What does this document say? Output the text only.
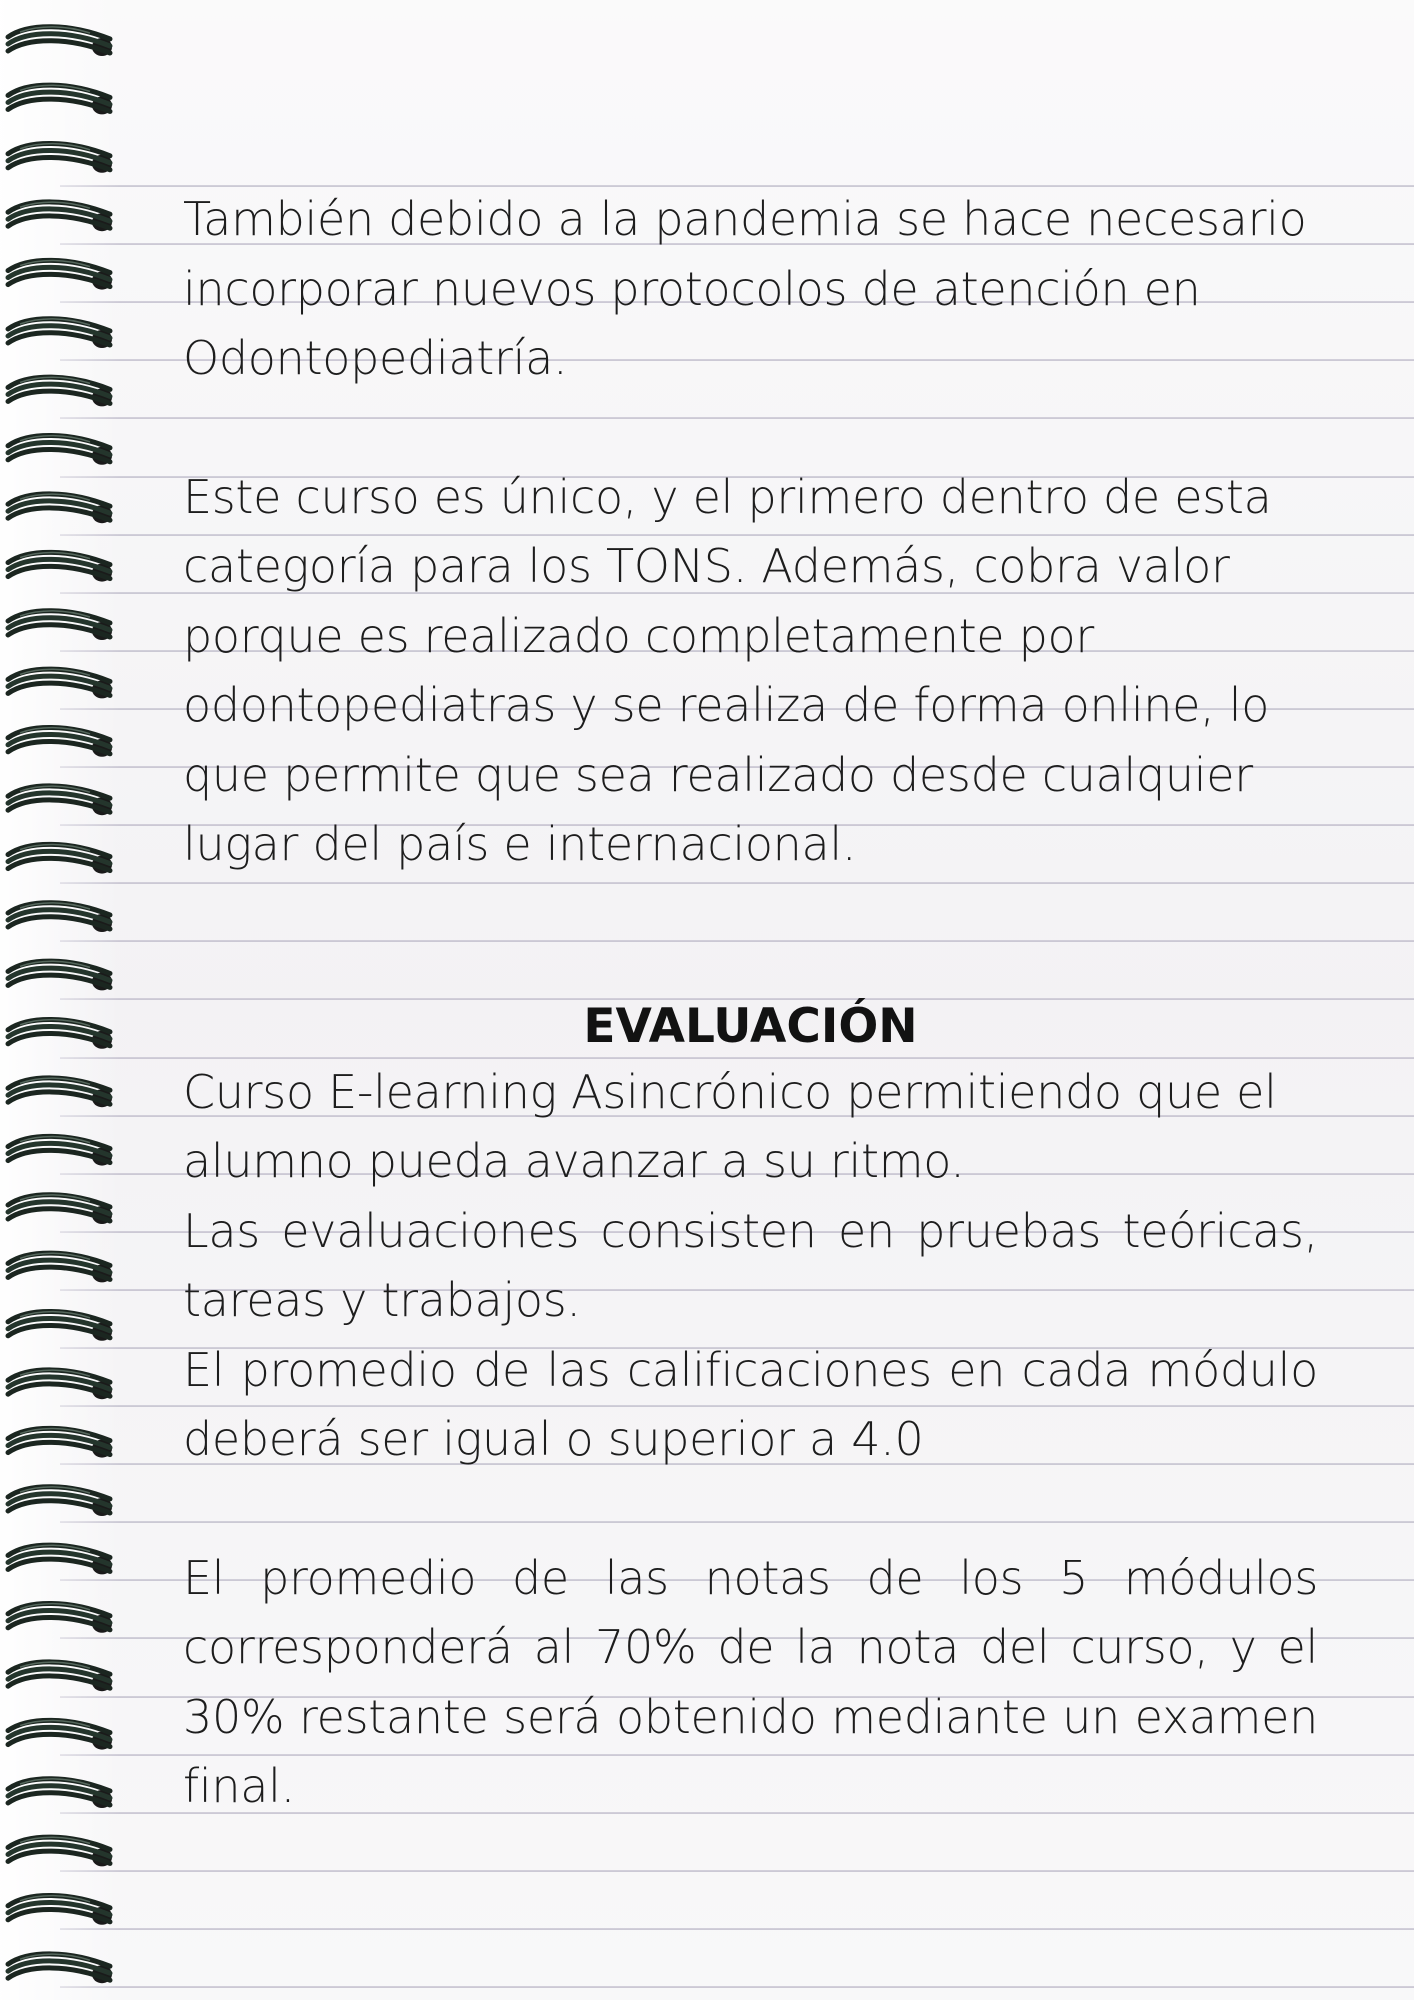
También debido a la pandemia se hace necesario incorporar nuevos protocolos de atención en Odontopediatría.

Este curso es único, y el primero dentro de esta categoría para los TONS. Además, cobra valor porque es realizado completamente por odontopediatras y se realiza de forma online, lo que permite que sea realizado desde cualquier lugar del país e internacional.

EVALUACIÓN

Curso E-learning Asincrónico permitiendo que el alumno pueda avanzar a su ritmo.

Las evaluaciones consisten en pruebas teóricas, tareas y trabajos.

El promedio de las calificaciones en cada módulo deberá ser igual o superior a 4.0

El promedio de las notas de los 5 módulos corresponderá al 70% de la nota del curso, y el 30% restante será obtenido mediante un examen final.
